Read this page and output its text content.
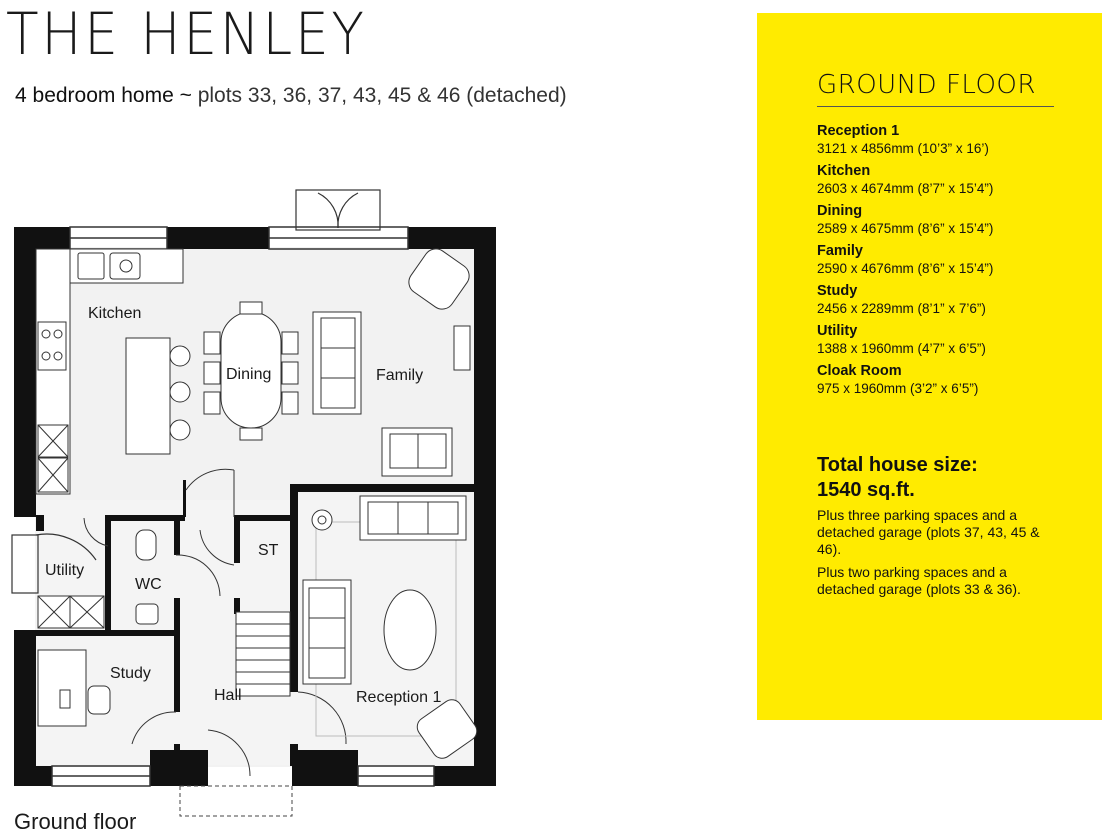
THE HENLEY
4 bedroom home ~ plots 33, 36, 37, 43, 45 & 46 (detached)
Kitchen
Dining	Family
Utility
WC
ST
Study
Hall	Reception 1
Ground floor
GROUND FLOOR
Reception 1
3121 x 4856mm (10’3” x 16’)
Kitchen
2603 x 4674mm (8’7” x 15’4”)
Dining
2589 x 4675mm (8’6” x 15’4”)
Family
2590 x 4676mm (8’6” x 15’4”)
Study
2456 x 2289mm (8’1” x 7’6”)
Utility
1388 x 1960mm (4’7” x 6’5”)
Cloak Room
975 x 1960mm (3’2” x 6’5”)
Total house size:
1540 sq.ft.
Plus three parking spaces and a detached garage (plots 37, 43, 45 & 46).
Plus two parking spaces and a detached garage (plots 33 & 36).
